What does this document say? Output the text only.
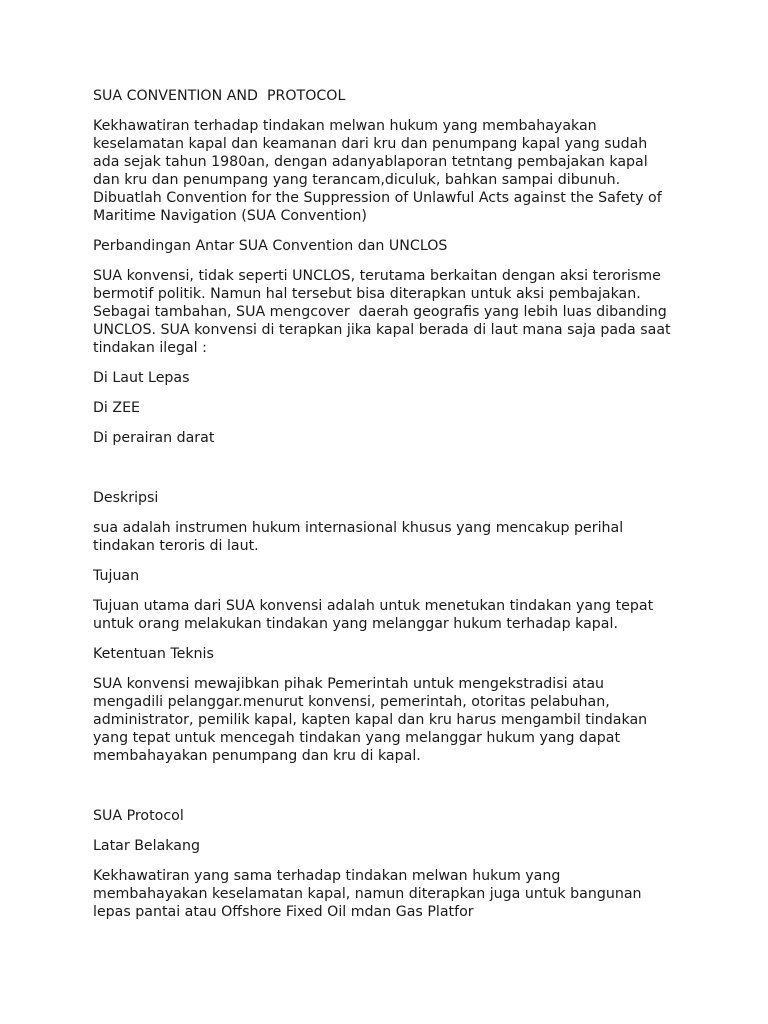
SUA CONVENTION AND  PROTOCOL
Kekhawatiran terhadap tindakan melwan hukum yang membahayakan
keselamatan kapal dan keamanan dari kru dan penumpang kapal yang sudah
ada sejak tahun 1980an, dengan adanyablaporan tetntang pembajakan kapal
dan kru dan penumpang yang terancam,diculuk, bahkan sampai dibunuh.
Dibuatlah Convention for the Suppression of Unlawful Acts against the Safety of
Maritime Navigation (SUA Convention)
Perbandingan Antar SUA Convention dan UNCLOS
SUA konvensi, tidak seperti UNCLOS, terutama berkaitan dengan aksi terorisme
bermotif politik. Namun hal tersebut bisa diterapkan untuk aksi pembajakan.
Sebagai tambahan, SUA mengcover  daerah geografis yang lebih luas dibanding
UNCLOS. SUA konvensi di terapkan jika kapal berada di laut mana saja pada saat
tindakan ilegal :
Di Laut Lepas
Di ZEE
Di perairan darat
Deskripsi
sua adalah instrumen hukum internasional khusus yang mencakup perihal
tindakan teroris di laut.
Tujuan
Tujuan utama dari SUA konvensi adalah untuk menetukan tindakan yang tepat
untuk orang melakukan tindakan yang melanggar hukum terhadap kapal.
Ketentuan Teknis
SUA konvensi mewajibkan pihak Pemerintah untuk mengekstradisi atau
mengadili pelanggar.menurut konvensi, pemerintah, otoritas pelabuhan,
administrator, pemilik kapal, kapten kapal dan kru harus mengambil tindakan
yang tepat untuk mencegah tindakan yang melanggar hukum yang dapat
membahayakan penumpang dan kru di kapal.
SUA Protocol
Latar Belakang
Kekhawatiran yang sama terhadap tindakan melwan hukum yang
membahayakan keselamatan kapal, namun diterapkan juga untuk bangunan
lepas pantai atau Offshore Fixed Oil mdan Gas Platfor
